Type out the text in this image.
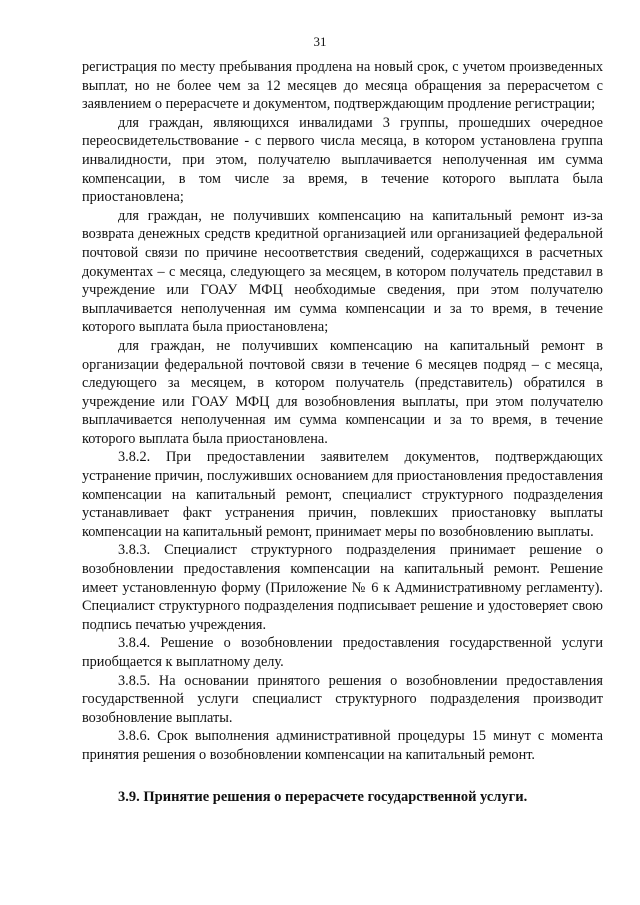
31

регистрация по месту пребывания продлена на новый срок, с учетом произведенных выплат, но не более чем за 12 месяцев до месяца обращения за перерасчетом с заявлением о перерасчете и документом, подтверждающим продление регистрации;

для граждан, являющихся инвалидами 3 группы, прошедших очередное переосвидетельствование - с первого числа месяца, в котором установлена группа инвалидности, при этом, получателю выплачивается неполученная им сумма компенсации, в том числе за время, в течение которого выплата была приостановлена;

для граждан, не получивших компенсацию на капитальный ремонт из-за возврата денежных средств кредитной организацией или организацией федеральной почтовой связи по причине несоответствия сведений, содержащихся в расчетных документах – с месяца, следующего за месяцем, в котором получатель представил в учреждение или ГОАУ МФЦ необходимые сведения, при этом получателю выплачивается неполученная им сумма компенсации и за то время, в течение которого выплата была приостановлена;

для граждан, не получивших компенсацию на капитальный ремонт в организации федеральной почтовой связи в течение 6 месяцев подряд – с месяца, следующего за месяцем, в котором получатель (представитель) обратился в учреждение или ГОАУ МФЦ для возобновления выплаты, при этом получателю выплачивается неполученная им сумма компенсации и за то время, в течение которого выплата была приостановлена.

3.8.2. При предоставлении заявителем документов, подтверждающих устранение причин, послуживших основанием для приостановления предоставления компенсации на капитальный ремонт, специалист структурного подразделения устанавливает факт устранения причин, повлекших приостановку выплаты компенсации на капитальный ремонт, принимает меры по возобновлению выплаты.

3.8.3. Специалист структурного подразделения принимает решение о возобновлении предоставления компенсации на капитальный ремонт. Решение имеет установленную форму (Приложение № 6 к Административному регламенту). Специалист структурного подразделения подписывает решение и удостоверяет свою подпись печатью учреждения.

3.8.4. Решение о возобновлении предоставления государственной услуги приобщается к выплатному делу.

3.8.5. На основании принятого решения о возобновлении предоставления государственной услуги специалист структурного подразделения производит возобновление выплаты.

3.8.6. Срок выполнения административной процедуры 15 минут с момента принятия решения о возобновлении компенсации на капитальный ремонт.

3.9. Принятие решения о перерасчете государственной услуги.
